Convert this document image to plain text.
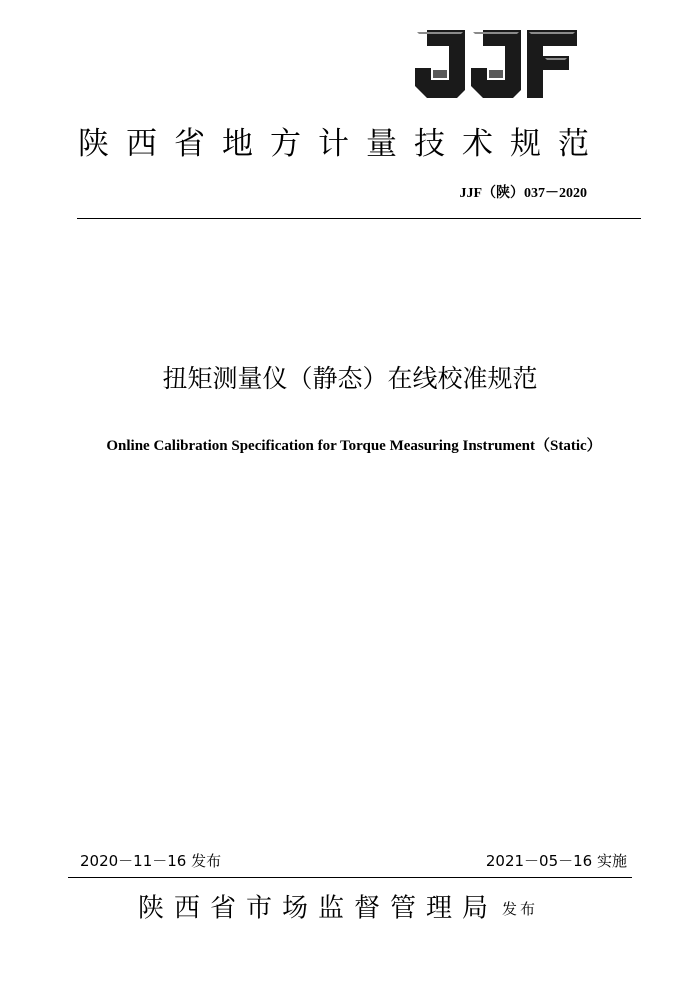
陕西省地方计量技术规范
JJF（陕）037－2020
扭矩测量仪（静态）在线校准规范
Online Calibration Specification for Torque Measuring Instrument（Static）
2020－11－16 发布	2021－05－16 实施
陕西省市场监督管理局 发布
